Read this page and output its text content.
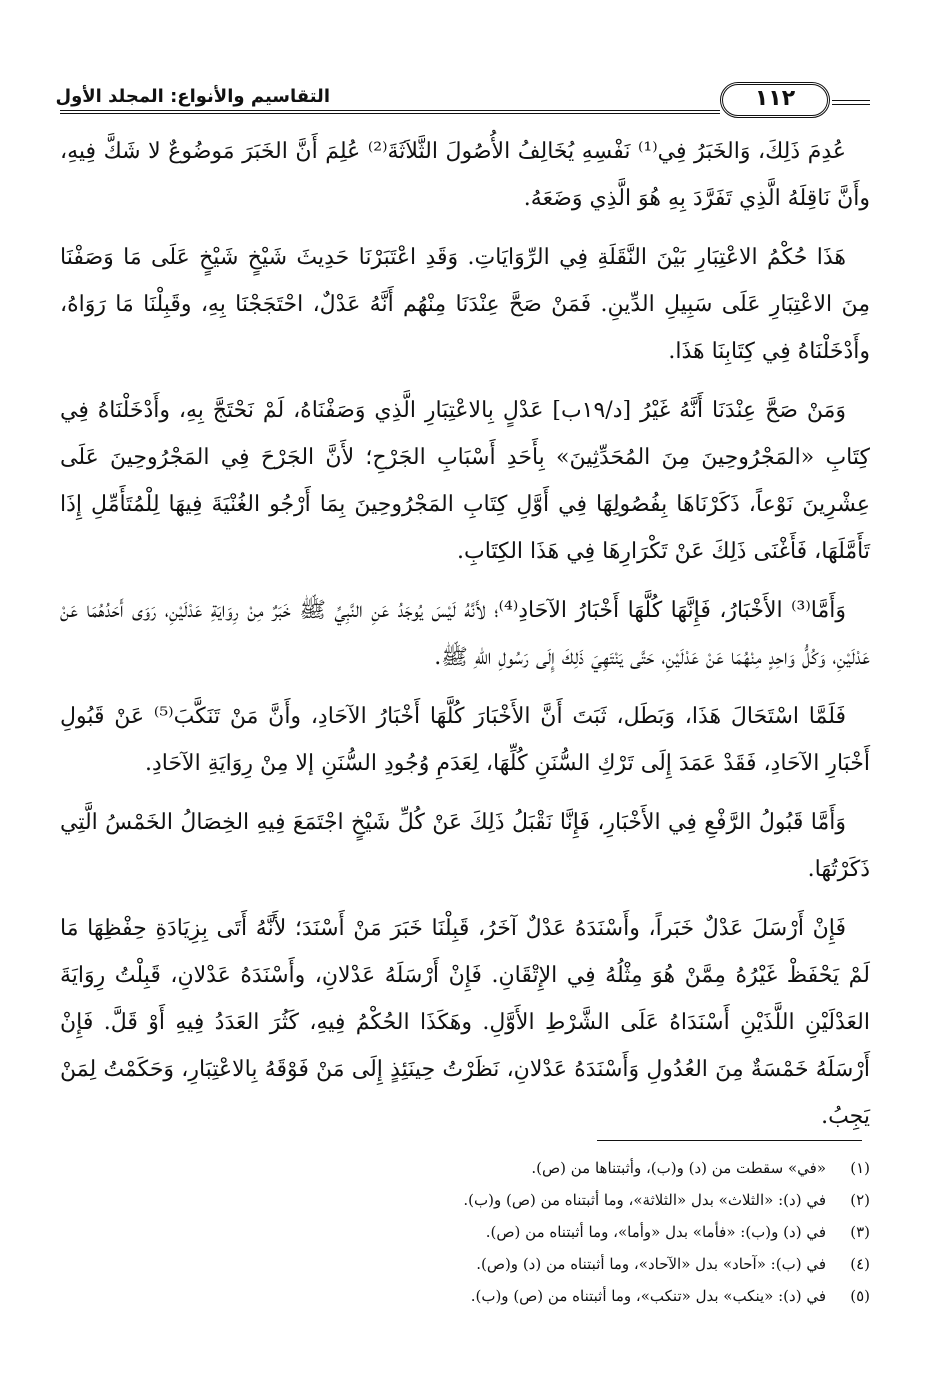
التقاسيم والأنواع: المجلد الأول	١١٢

عُدِمَ ذَلِكَ، وَالخَبَرُ فِي⁽¹⁾ نَفْسِهِ يُخَالِفُ الأُصُولَ الثَّلاَثَةَ⁽²⁾ عُلِمَ أَنَّ الخَبَرَ مَوضُوعٌ لا شَكَّ فِيهِ، وأَنَّ نَاقِلَهُ الَّذِي تَفَرَّدَ بِهِ هُوَ الَّذِي وَضَعَهُ.

هَذَا حُكْمُ الاعْتِبَارِ بَيْنَ النَّقَلَةِ فِي الرِّوَايَاتِ. وَقَدِ اعْتَبَرْنَا حَدِيثَ شَيْخٍ شَيْخٍ عَلَى مَا وَصَفْنَا مِنَ الاعْتِبَارِ عَلَى سَبِيلِ الدِّينِ. فَمَنْ صَحَّ عِنْدَنَا مِنْهُم أَنَّهُ عَدْلٌ، احْتَجَجْنَا بِهِ، وقَبِلْنَا مَا رَوَاهُ، وأَدْخَلْنَاهُ فِي كِتَابِنَا هَذَا.

وَمَنْ صَحَّ عِنْدَنَا أَنَّهُ غَيْرُ [د/١٩ب] عَدْلٍ بِالاعْتِبَارِ الَّذِي وَصَفْنَاهُ، لَمْ نَحْتَجَّ بِهِ، وأَدْخَلْنَاهُ فِي كِتَابِ «المَجْرُوحِينَ مِنَ المُحَدِّثِينَ» بِأَحَدِ أَسْبَابِ الجَرْحِ؛ لأَنَّ الجَرْحَ فِي المَجْرُوحِينَ عَلَى عِشْرِينَ نَوْعاً، ذَكَرْنَاهَا بِفُصُولِهَا فِي أَوَّلِ كِتَابِ المَجْرُوحِينَ بِمَا أَرْجُو الغُنْيَةَ فِيهَا لِلْمُتَأَمِّلِ إِذَا تَأَمَّلَهَا، فَأَغْنَى ذَلِكَ عَنْ تَكْرَارِهَا فِي هَذَا الكِتَابِ.

وَأَمَّا⁽³⁾ الأَخْبَارُ، فَإِنَّهَا كُلَّهَا أَخْبَارُ الآحَادِ⁽⁴⁾؛ لأَنَّهُ لَيْسَ يُوجَدُ عَنِ النَّبِيِّ ﷺ خَبَرٌ مِنْ رِوَايَةِ عَدْلَيْنِ، رَوَى أَحَدُهُمَا عَنْ عَدْلَيْنِ، وَكُلُّ وَاحِدٍ مِنْهُمَا عَنْ عَدْلَيْنِ، حَتَّى يَنْتَهِيَ ذَلِكَ إِلَى رَسُولِ اللهِ ﷺ.

فَلَمَّا اسْتَحَالَ هَذَا، وَبَطَل، ثَبَتَ أَنَّ الأَخْبَارَ كُلَّهَا أَخْبَارُ الآحَادِ، وأَنَّ مَنْ تَنَكَّبَ⁽⁵⁾ عَنْ قَبُولِ أَخْبَارِ الآحَادِ، فَقَدْ عَمَدَ إِلَى تَرْكِ السُّنَنِ كُلِّهَا، لِعَدَمِ وُجُودِ السُّنَنِ إلا مِنْ رِوَايَةِ الآحَادِ.

وَأَمَّا قَبُولُ الرَّفْعِ فِي الأَخْبَارِ، فَإِنَّا نَقْبَلُ ذَلِكَ عَنْ كُلِّ شَيْخٍ اجْتَمَعَ فِيهِ الخِصَالُ الخَمْسُ الَّتِي ذَكَرْتُهَا.

فَإِنْ أَرْسَلَ عَدْلٌ خَبَراً، وأَسْنَدَهُ عَدْلٌ آخَرُ، قَبِلْنَا خَبَرَ مَنْ أَسْنَدَ؛ لأَنَّهُ أَتَى بِزِيَادَةِ حِفْظِهَا مَا لَمْ يَحْفَظْ غَيْرُهُ مِمَّنْ هُوَ مِثْلُهُ فِي الإِتْقَانِ. فَإِنْ أَرْسَلَهُ عَدْلانِ، وأَسْنَدَهُ عَدْلانِ، قَبِلْتُ رِوَايَةَ العَدْلَيْنِ اللَّذَيْنِ أَسْنَدَاهُ عَلَى الشَّرْطِ الأَوَّلِ. وهَكَذَا الحُكْمُ فِيهِ، كَثُرَ العَدَدُ فِيهِ أَوْ قَلَّ. فَإِنْ أَرْسَلَهُ خَمْسَةٌ مِنَ العُدُولِ وَأَسْنَدَهُ عَدْلانِ، نَظَرْتُ حِينَئِذٍ إِلَى مَنْ فَوْقَهُ بِالاعْتِبَارِ، وَحَكَمْتُ لِمَنْ يَجِبُ.

(١)«في» سقطت من (د) و(ب)، وأثبتناها من (ص).
(٢)في (د): «الثلاث» بدل «الثلاثة»، وما أثبتناه من (ص) و(ب).
(٣)في (د) و(ب): «فأما» بدل «وأما»، وما أثبتناه من (ص).
(٤)في (ب): «آحاد» بدل «الآحاد»، وما أثبتناه من (د) و(ص).
(٥)في (د): «ينكب» بدل «تنكب»، وما أثبتناه من (ص) و(ب).
